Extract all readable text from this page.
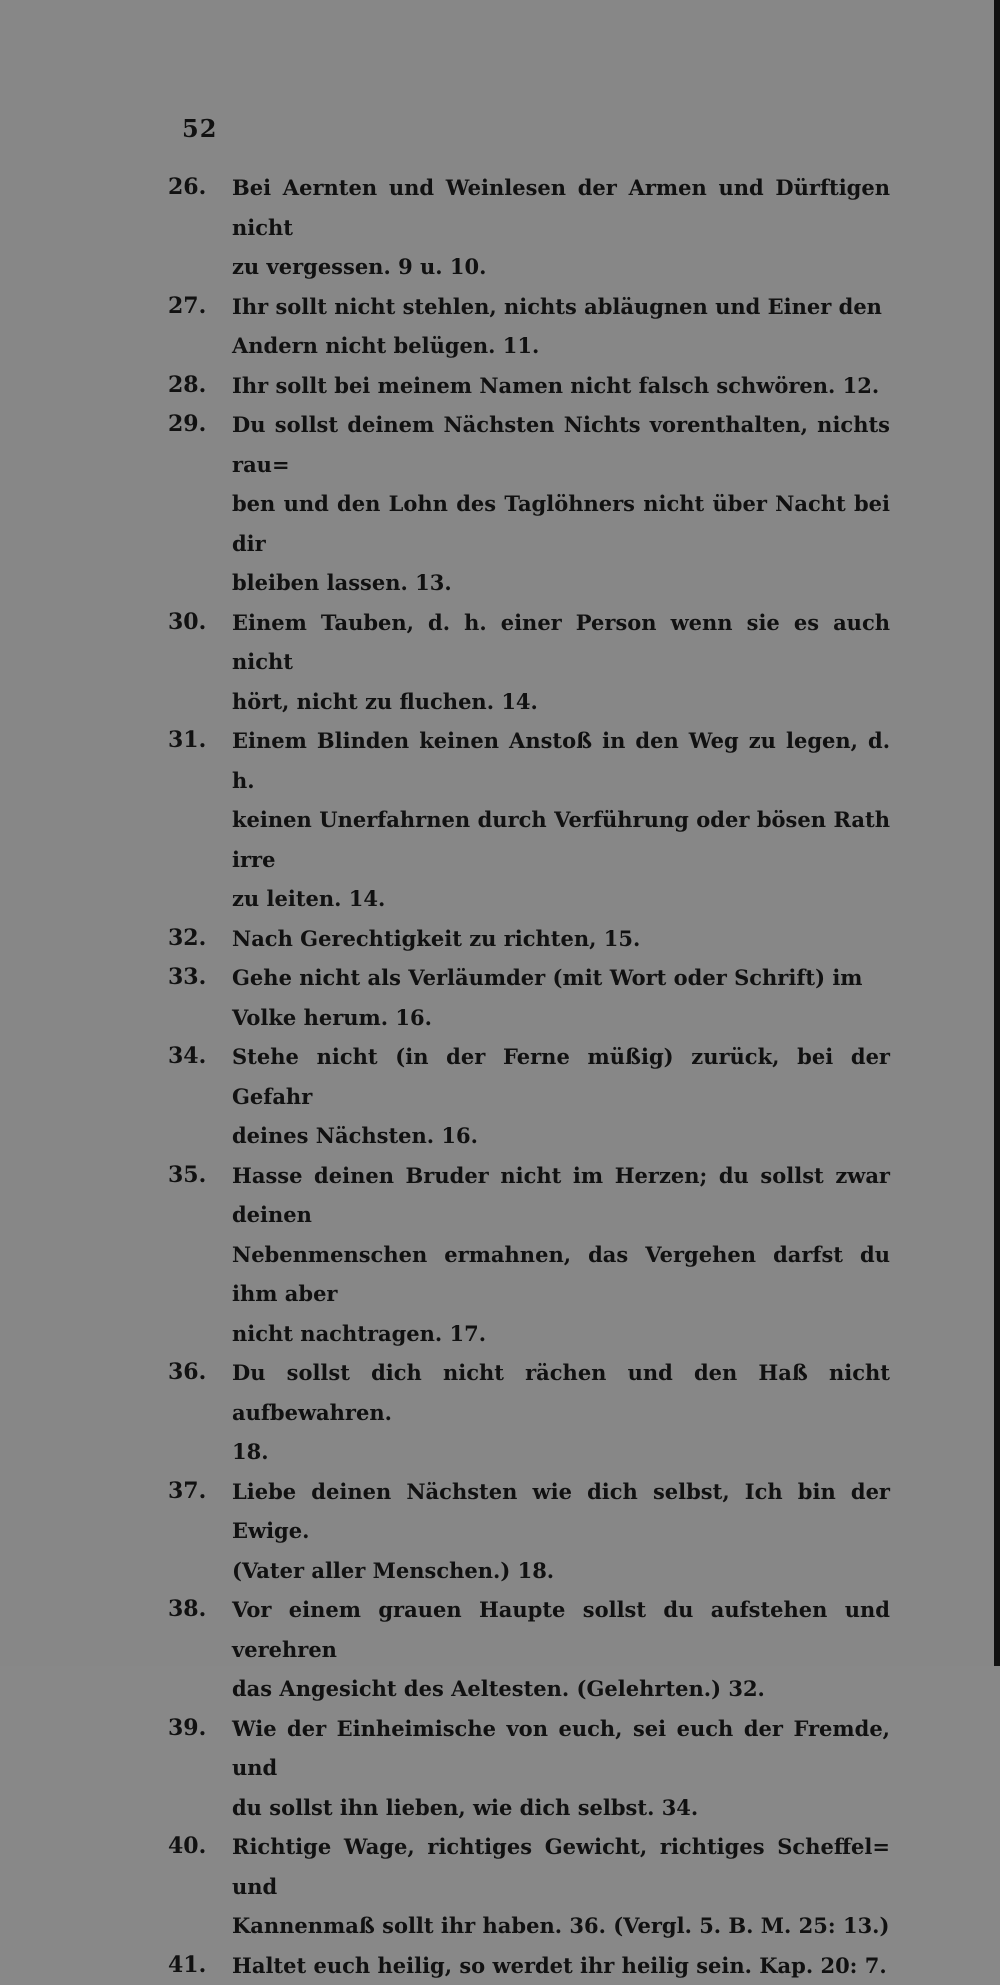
52
26.	Bei Aernten und Weinlesen der Armen und Dürftigen nicht
zu vergessen. 9 u. 10.
27.	Ihr sollt nicht stehlen, nichts abläugnen und Einer den
Andern nicht belügen. 11.
28.	Ihr sollt bei meinem Namen nicht falsch schwören. 12.
29.	Du sollst deinem Nächsten Nichts vorenthalten, nichts rau=
ben und den Lohn des Taglöhners nicht über Nacht bei dir
bleiben lassen. 13.
30.	Einem Tauben, d. h. einer Person wenn sie es auch nicht
hört, nicht zu fluchen. 14.
31.	Einem Blinden keinen Anstoß in den Weg zu legen, d. h.
keinen Unerfahrnen durch Verführung oder bösen Rath irre
zu leiten. 14.
32.	Nach Gerechtigkeit zu richten, 15.
33.	Gehe nicht als Verläumder (mit Wort oder Schrift) im
Volke herum. 16.
34.	Stehe nicht (in der Ferne müßig) zurück, bei der Gefahr
deines Nächsten. 16.
35.	Hasse deinen Bruder nicht im Herzen; du sollst zwar deinen
Nebenmenschen ermahnen, das Vergehen darfst du ihm aber
nicht nachtragen. 17.
36.	Du sollst dich nicht rächen und den Haß nicht aufbewahren.
18.
37.	Liebe deinen Nächsten wie dich selbst, Ich bin der Ewige.
(Vater aller Menschen.) 18.
38.	Vor einem grauen Haupte sollst du aufstehen und verehren
das Angesicht des Aeltesten. (Gelehrten.) 32.
39.	Wie der Einheimische von euch, sei euch der Fremde, und
du sollst ihn lieben, wie dich selbst. 34.
40.	Richtige Wage, richtiges Gewicht, richtiges Scheffel= und
Kannenmaß sollt ihr haben. 36. (Vergl. 5. B. M. 25: 13.)
41.	Haltet euch heilig, so werdet ihr heilig sein. Kap. 20: 7.
